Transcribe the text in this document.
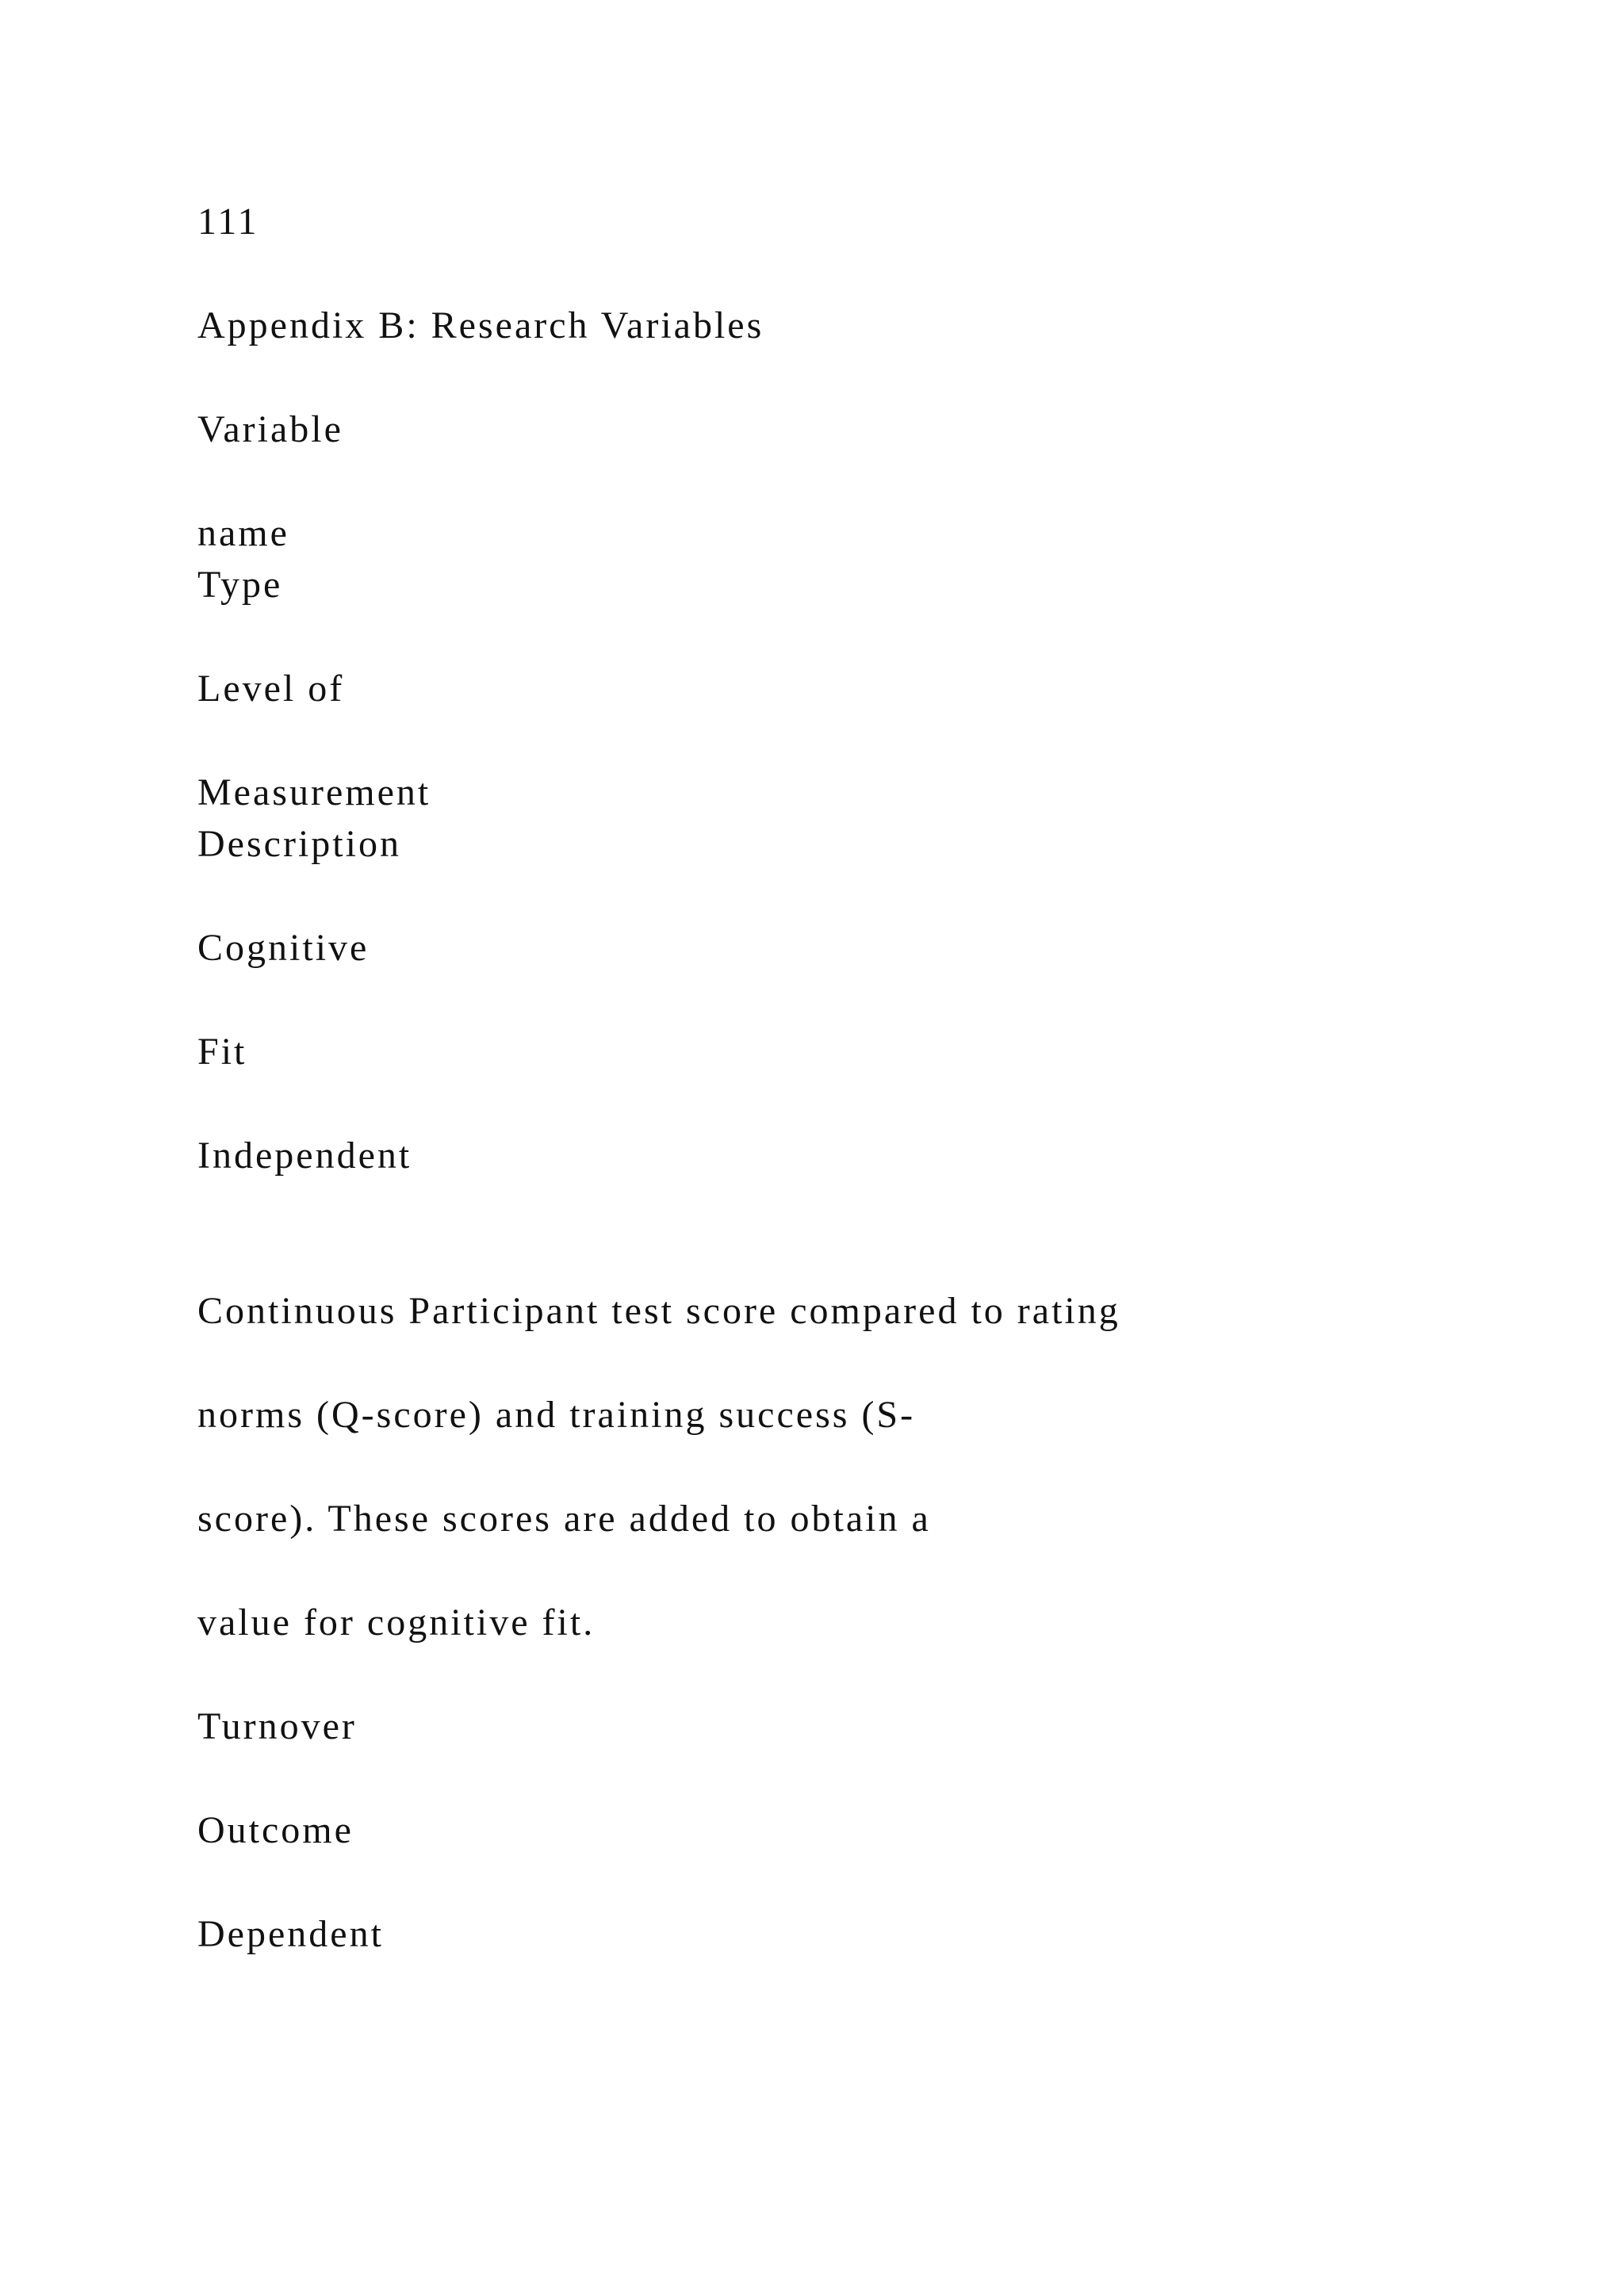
111
Appendix B: Research Variables
Variable
name
Type
Level of
Measurement
Description
Cognitive
Fit
Independent
Continuous Participant test score compared to rating
norms (Q-score) and training success (S-
score). These scores are added to obtain a
value for cognitive fit.
Turnover
Outcome
Dependent
